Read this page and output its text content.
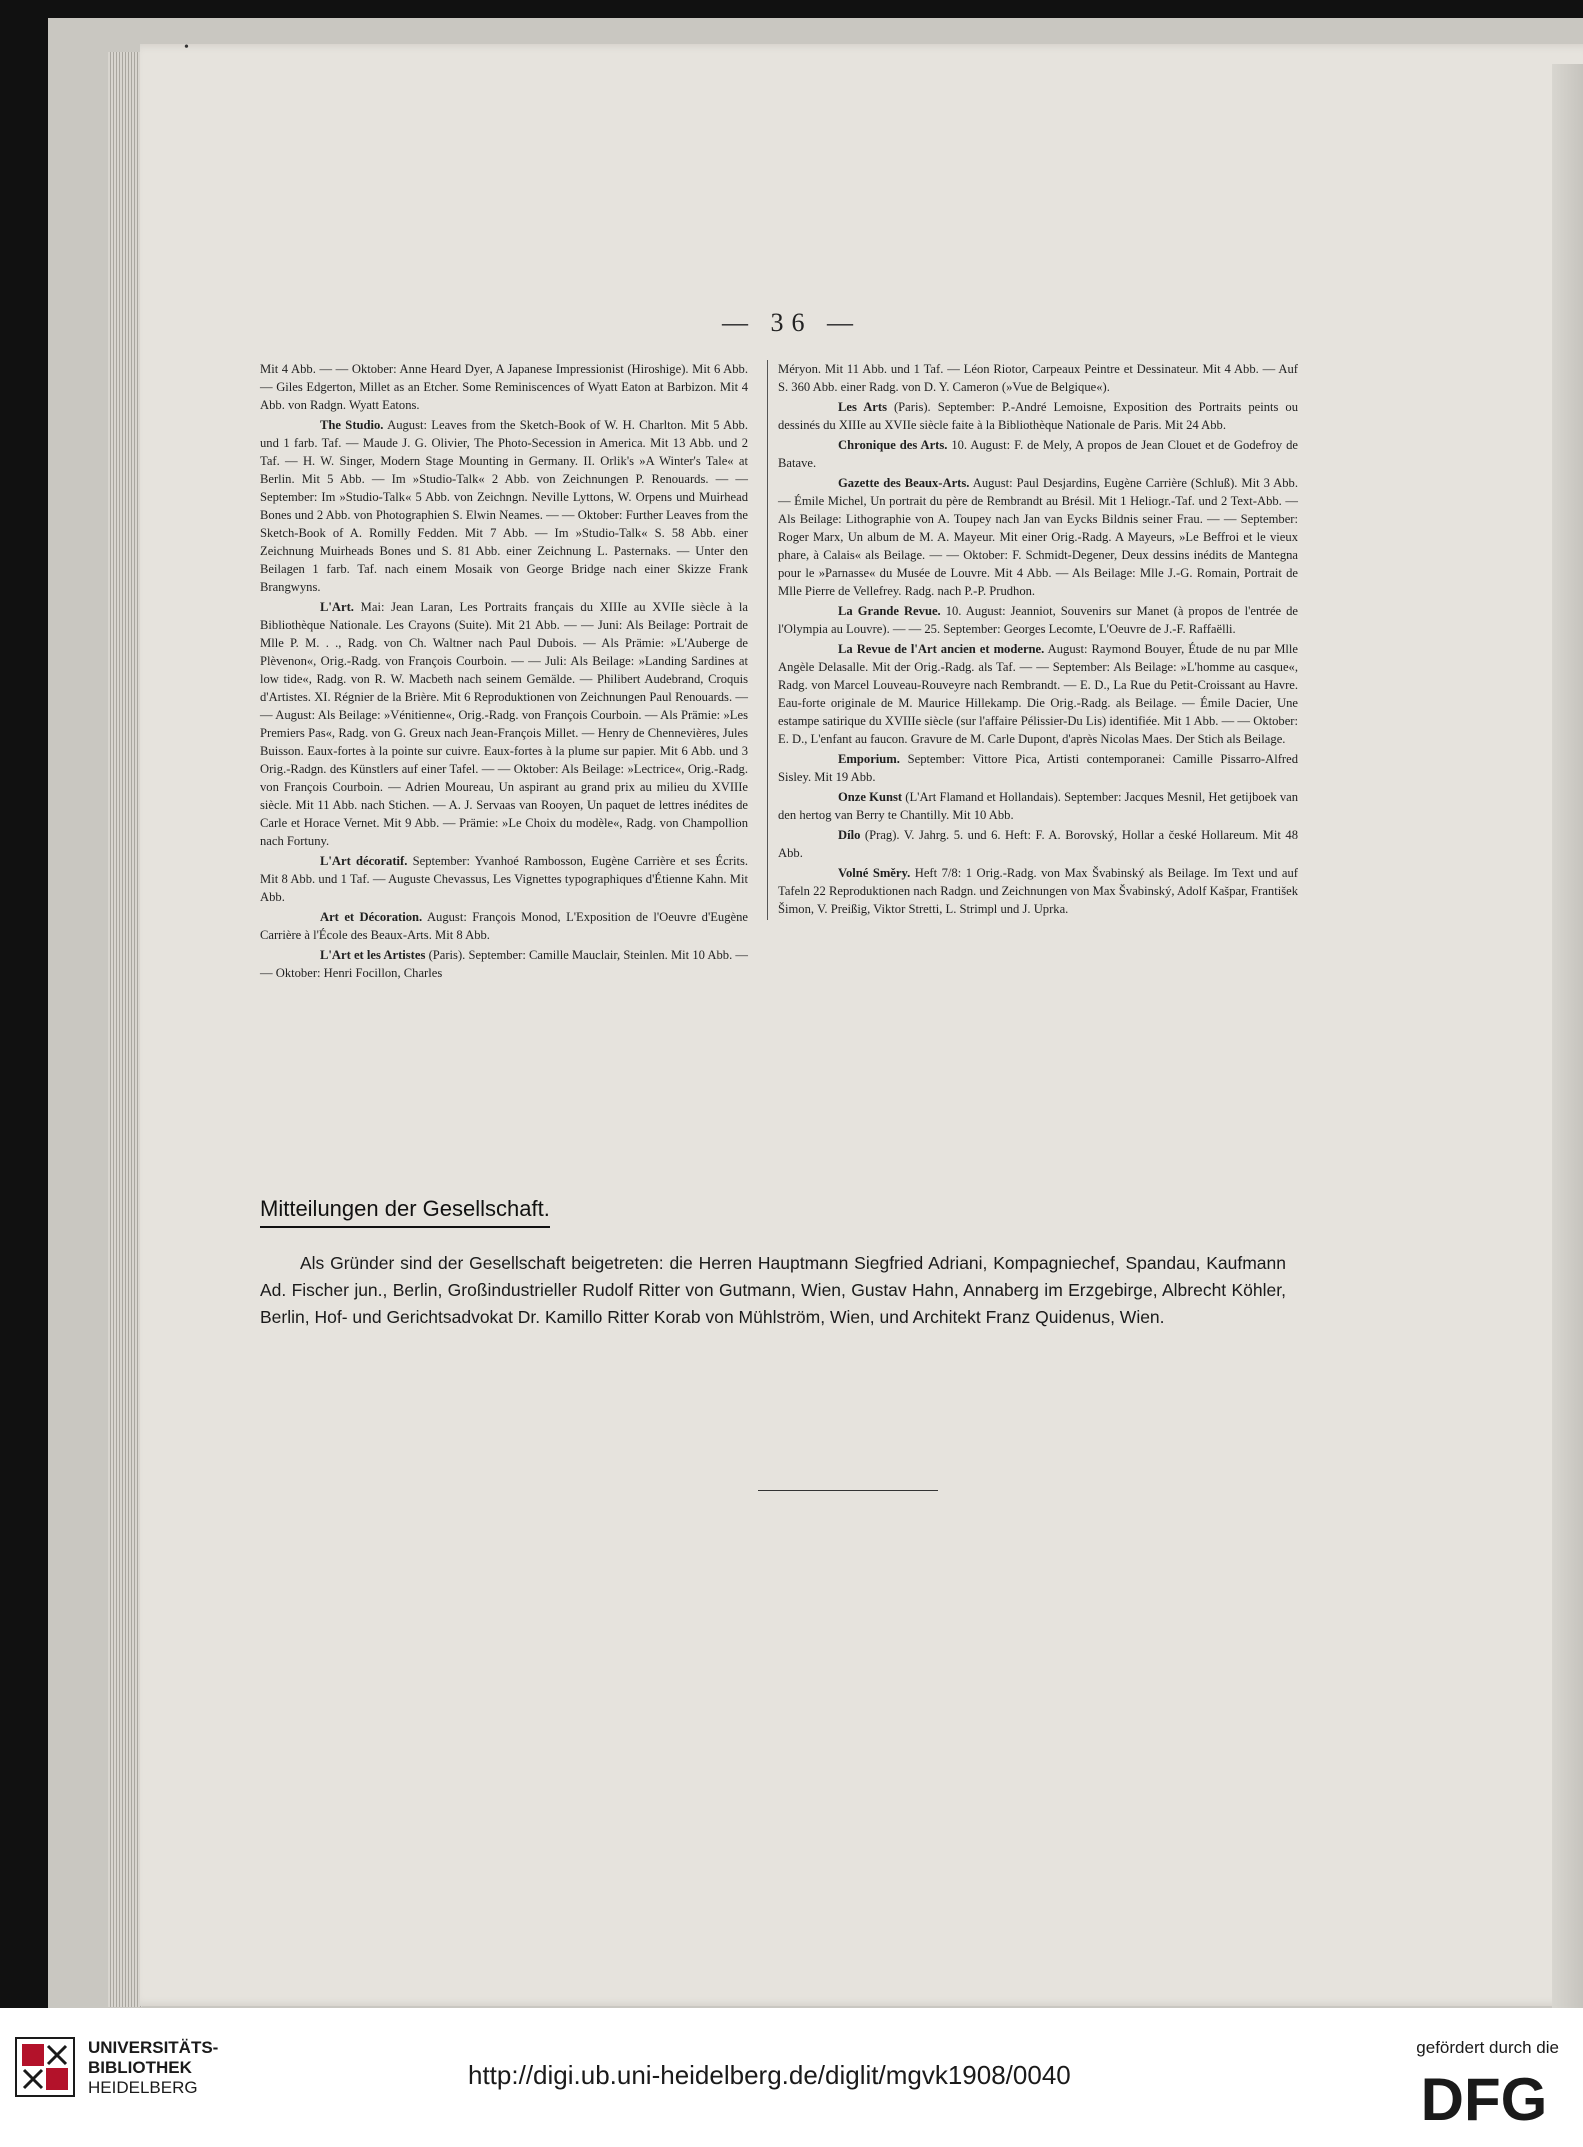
•
— 36 —

Mit 4 Abb. — — Oktober: Anne Heard Dyer, A Japanese Impressionist (Hiroshige). Mit 6 Abb. — Giles Edgerton, Millet as an Etcher. Some Reminiscences of Wyatt Eaton at Barbizon. Mit 4 Abb. von Radgn. Wyatt Eatons.

The Studio. August: Leaves from the Sketch-Book of W. H. Charlton. Mit 5 Abb. und 1 farb. Taf. — Maude J. G. Olivier, The Photo-Secession in America. Mit 13 Abb. und 2 Taf. — H. W. Singer, Modern Stage Mounting in Germany. II. Orlik's »A Winter's Tale« at Berlin. Mit 5 Abb. — Im »Studio-Talk« 2 Abb. von Zeichnungen P. Renouards. — — September: Im »Studio-Talk« 5 Abb. von Zeichngn. Neville Lyttons, W. Orpens und Muirhead Bones und 2 Abb. von Photographien S. Elwin Neames. — — Oktober: Further Leaves from the Sketch-Book of A. Romilly Fedden. Mit 7 Abb. — Im »Studio-Talk« S. 58 Abb. einer Zeichnung Muirheads Bones und S. 81 Abb. einer Zeichnung L. Pasternaks. — Unter den Beilagen 1 farb. Taf. nach einem Mosaik von George Bridge nach einer Skizze Frank Brangwyns.

L'Art. Mai: Jean Laran, Les Portraits français du XIIIe au XVIIe siècle à la Bibliothèque Nationale. Les Crayons (Suite). Mit 21 Abb. — — Juni: Als Beilage: Portrait de Mlle P. M. . ., Radg. von Ch. Waltner nach Paul Dubois. — Als Prämie: »L'Auberge de Plèvenon«, Orig.-Radg. von François Courboin. — — Juli: Als Beilage: »Landing Sardines at low tide«, Radg. von R. W. Macbeth nach seinem Gemälde. — Philibert Audebrand, Croquis d'Artistes. XI. Régnier de la Brière. Mit 6 Reproduktionen von Zeichnungen Paul Renouards. — — August: Als Beilage: »Vénitienne«, Orig.-Radg. von François Courboin. — Als Prämie: »Les Premiers Pas«, Radg. von G. Greux nach Jean-François Millet. — Henry de Chennevières, Jules Buisson. Eaux-fortes à la pointe sur cuivre. Eaux-fortes à la plume sur papier. Mit 6 Abb. und 3 Orig.-Radgn. des Künstlers auf einer Tafel. — — Oktober: Als Beilage: »Lectrice«, Orig.-Radg. von François Courboin. — Adrien Moureau, Un aspirant au grand prix au milieu du XVIIIe siècle. Mit 11 Abb. nach Stichen. — A. J. Servaas van Rooyen, Un paquet de lettres inédites de Carle et Horace Vernet. Mit 9 Abb. — Prämie: »Le Choix du modèle«, Radg. von Champollion nach Fortuny.

L'Art décoratif. September: Yvanhoé Rambosson, Eugène Carrière et ses Écrits. Mit 8 Abb. und 1 Taf. — Auguste Chevassus, Les Vignettes typographiques d'Étienne Kahn. Mit Abb.

Art et Décoration. August: François Monod, L'Exposition de l'Oeuvre d'Eugène Carrière à l'École des Beaux-Arts. Mit 8 Abb.

L'Art et les Artistes (Paris). September: Camille Mauclair, Steinlen. Mit 10 Abb. — — Oktober: Henri Focillon, Charles

Méryon. Mit 11 Abb. und 1 Taf. — Léon Riotor, Carpeaux Peintre et Dessinateur. Mit 4 Abb. — Auf S. 360 Abb. einer Radg. von D. Y. Cameron (»Vue de Belgique«).

Les Arts (Paris). September: P.-André Lemoisne, Exposition des Portraits peints ou dessinés du XIIIe au XVIIe siècle faite à la Bibliothèque Nationale de Paris. Mit 24 Abb.

Chronique des Arts. 10. August: F. de Mely, A propos de Jean Clouet et de Godefroy de Batave.

Gazette des Beaux-Arts. August: Paul Desjardins, Eugène Carrière (Schluß). Mit 3 Abb. — Émile Michel, Un portrait du père de Rembrandt au Brésil. Mit 1 Heliogr.-Taf. und 2 Text-Abb. — Als Beilage: Lithographie von A. Toupey nach Jan van Eycks Bildnis seiner Frau. — — September: Roger Marx, Un album de M. A. Mayeur. Mit einer Orig.-Radg. A Mayeurs, »Le Beffroi et le vieux phare, à Calais« als Beilage. — — Oktober: F. Schmidt-Degener, Deux dessins inédits de Mantegna pour le »Parnasse« du Musée de Louvre. Mit 4 Abb. — Als Beilage: Mlle J.-G. Romain, Portrait de Mlle Pierre de Vellefrey. Radg. nach P.-P. Prudhon.

La Grande Revue. 10. August: Jeanniot, Souvenirs sur Manet (à propos de l'entrée de l'Olympia au Louvre). — — 25. September: Georges Lecomte, L'Oeuvre de J.-F. Raffaëlli.

La Revue de l'Art ancien et moderne. August: Raymond Bouyer, Étude de nu par Mlle Angèle Delasalle. Mit der Orig.-Radg. als Taf. — — September: Als Beilage: »L'homme au casque«, Radg. von Marcel Louveau-Rouveyre nach Rembrandt. — E. D., La Rue du Petit-Croissant au Havre. Eau-forte originale de M. Maurice Hillekamp. Die Orig.-Radg. als Beilage. — Émile Dacier, Une estampe satirique du XVIIIe siècle (sur l'affaire Pélissier-Du Lis) identifiée. Mit 1 Abb. — — Oktober: E. D., L'enfant au faucon. Gravure de M. Carle Dupont, d'après Nicolas Maes. Der Stich als Beilage.

Emporium. September: Vittore Pica, Artisti contemporanei: Camille Pissarro-Alfred Sisley. Mit 19 Abb.

Onze Kunst (L'Art Flamand et Hollandais). September: Jacques Mesnil, Het getijboek van den hertog van Berry te Chantilly. Mit 10 Abb.

Dílo (Prag). V. Jahrg. 5. und 6. Heft: F. A. Borovský, Hollar a české Hollareum. Mit 48 Abb.

Volné Směry. Heft 7/8: 1 Orig.-Radg. von Max Švabinský als Beilage. Im Text und auf Tafeln 22 Reproduktionen nach Radgn. und Zeichnungen von Max Švabinský, Adolf Kašpar, František Šimon, V. Preißig, Viktor Stretti, L. Strimpl und J. Uprka.

Mitteilungen der Gesellschaft.
Als Gründer sind der Gesellschaft beigetreten: die Herren Hauptmann Siegfried Adriani, Kompagniechef, Spandau, Kaufmann Ad. Fischer jun., Berlin, Großindustrieller Rudolf Ritter von Gutmann, Wien, Gustav Hahn, Annaberg im Erzgebirge, Albrecht Köhler, Berlin, Hof- und Gerichtsadvokat Dr. Kamillo Ritter Korab von Mühlström, Wien, und Architekt Franz Quidenus, Wien.
UNIVERSITÄTS-
BIBLIOTHEK
HEIDELBERG	http://digi.ub.uni-heidelberg.de/diglit/mgvk1908/0040
gefördert durch die
DFG
